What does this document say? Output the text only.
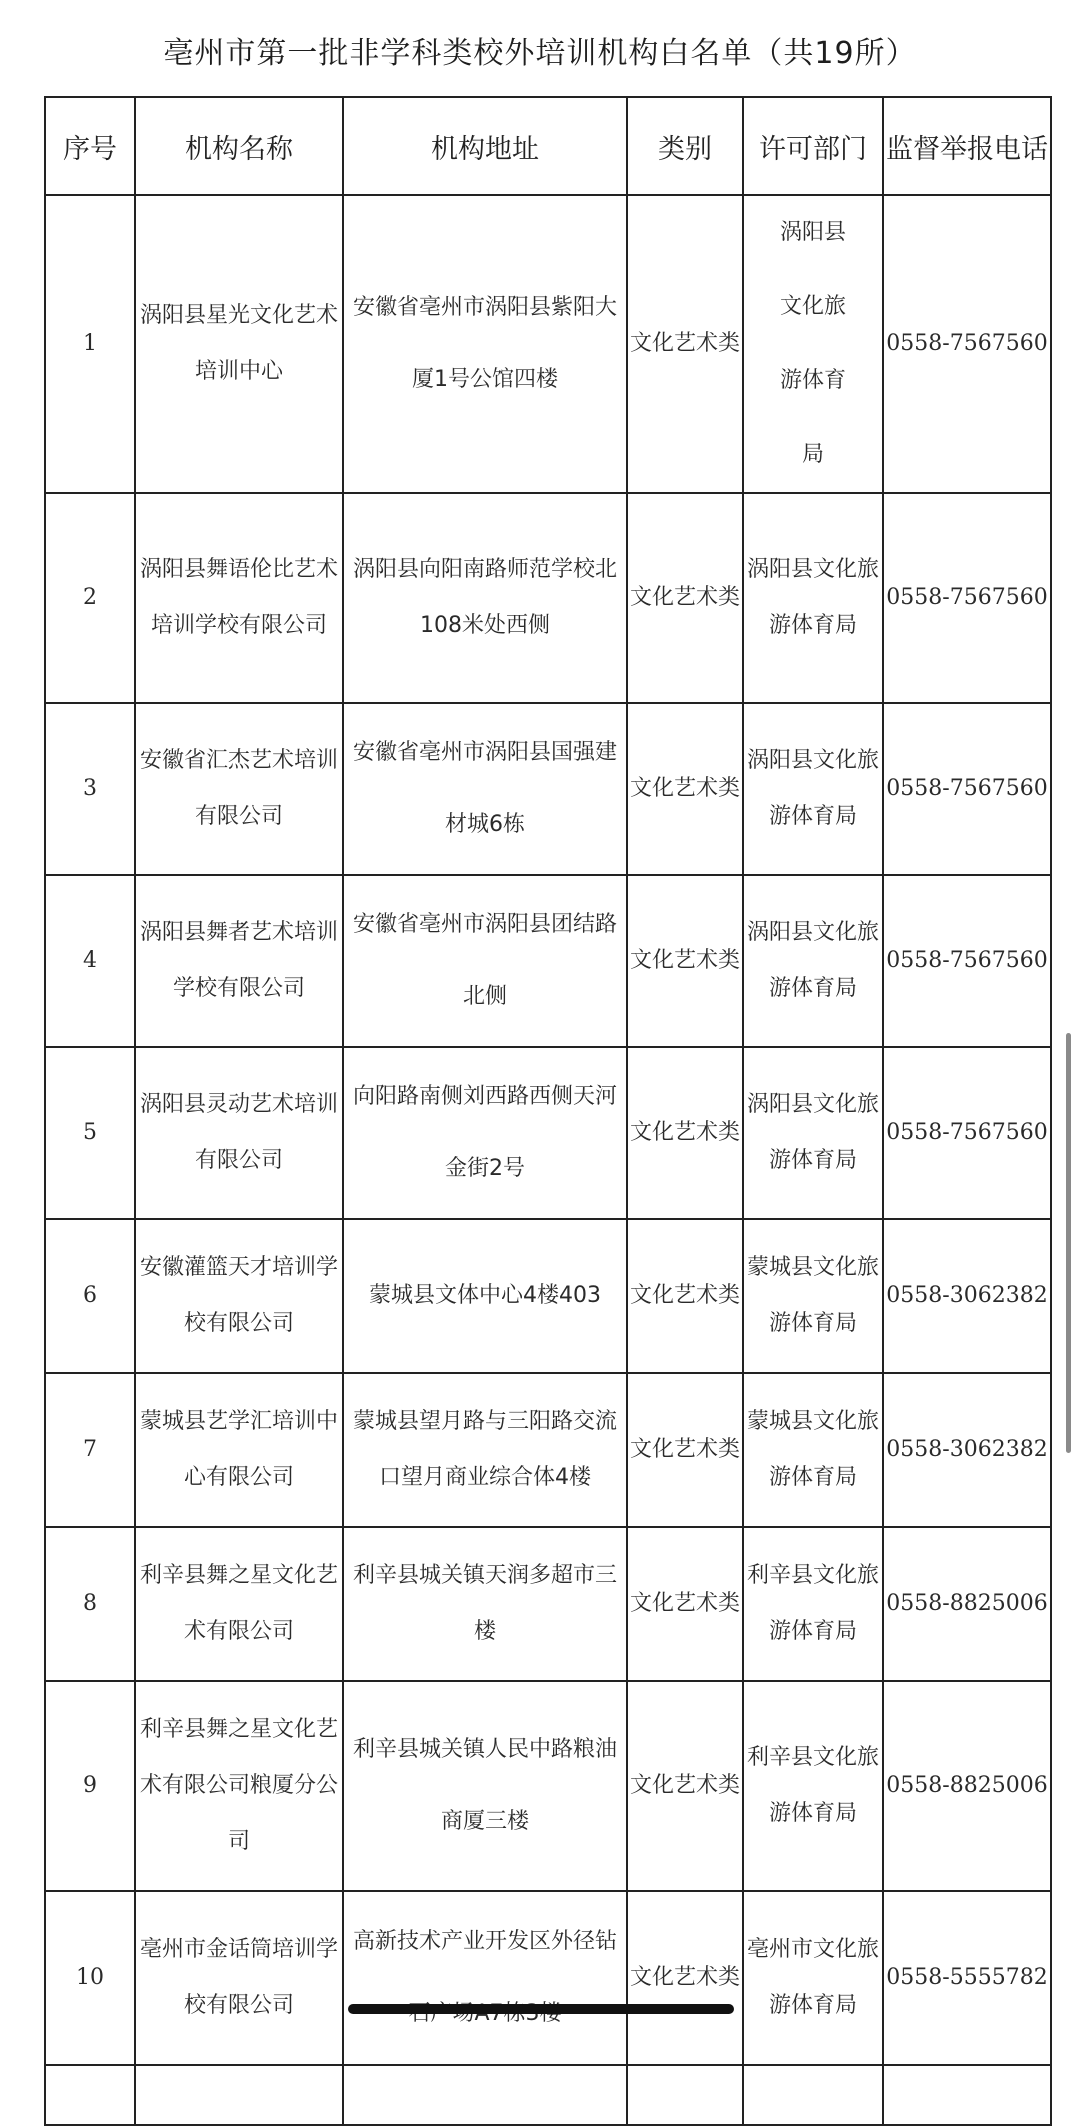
亳州市第一批非学科类校外培训机构白名单（共19所）
序号	机构名称	机构地址	类别	许可部门	监督举报电话
1	涡阳县星光文化艺术培训中心	安徽省亳州市涡阳县紫阳大厦1号公馆四楼	文化艺术类	涡阳县文化旅游体育局	0558-7567560
2	涡阳县舞语伦比艺术培训学校有限公司	涡阳县向阳南路师范学校北108米处西侧	文化艺术类	涡阳县文化旅游体育局	0558-7567560
3	安徽省汇杰艺术培训有限公司	安徽省亳州市涡阳县国强建材城6栋	文化艺术类	涡阳县文化旅游体育局	0558-7567560
4	涡阳县舞者艺术培训学校有限公司	安徽省亳州市涡阳县团结路北侧	文化艺术类	涡阳县文化旅游体育局	0558-7567560
5	涡阳县灵动艺术培训有限公司	向阳路南侧刘西路西侧天河金街2号	文化艺术类	涡阳县文化旅游体育局	0558-7567560
6	安徽灌篮天才培训学校有限公司	蒙城县文体中心4楼403	文化艺术类	蒙城县文化旅游体育局	0558-3062382
7	蒙城县艺学汇培训中心有限公司	蒙城县望月路与三阳路交流口望月商业综合体4楼	文化艺术类	蒙城县文化旅游体育局	0558-3062382
8	利辛县舞之星文化艺术有限公司	利辛县城关镇天润多超市三楼	文化艺术类	利辛县文化旅游体育局	0558-8825006
9	利辛县舞之星文化艺术有限公司粮厦分公司	利辛县城关镇人民中路粮油商厦三楼	文化艺术类	利辛县文化旅游体育局	0558-8825006
10	亳州市金话筒培训学校有限公司	高新技术产业开发区外径钻	文化艺术类	亳州市文化旅游体育局	0558-5555782
